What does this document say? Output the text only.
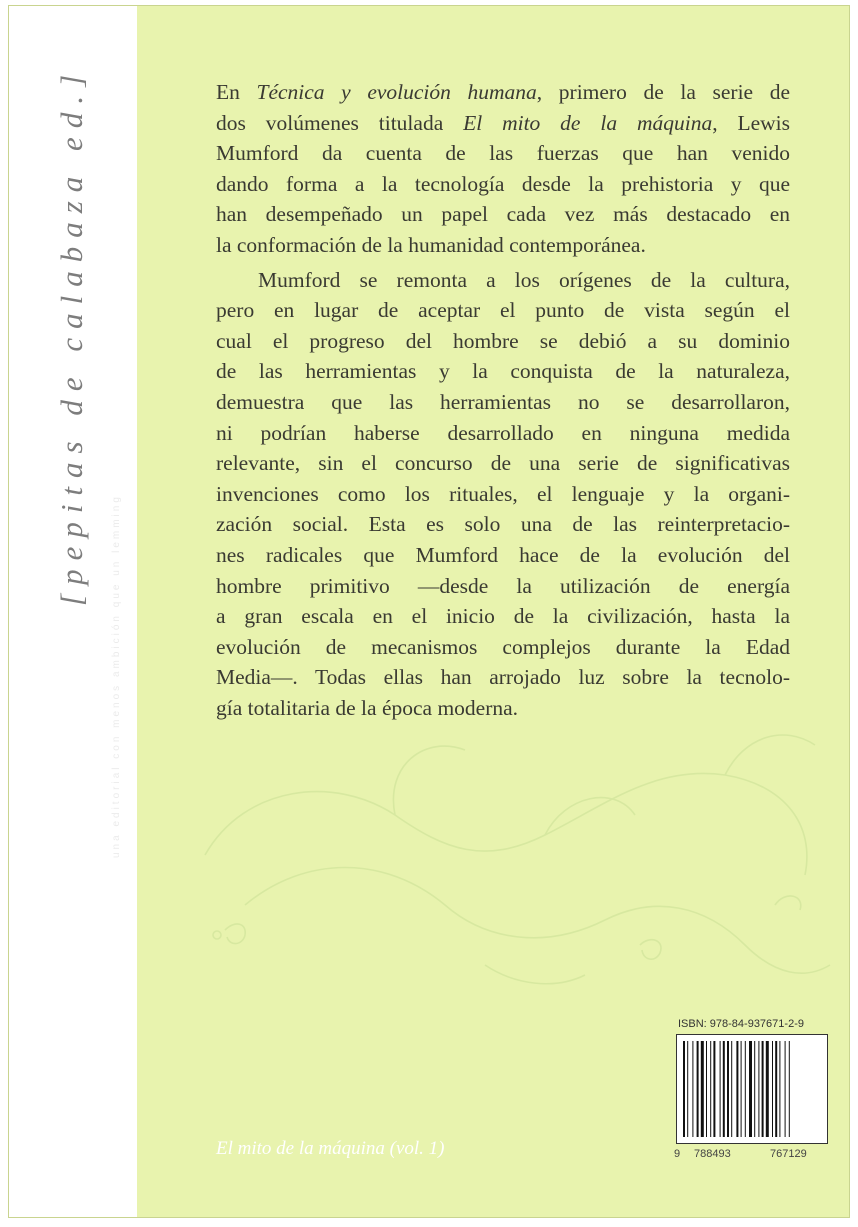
[pepitas de calabaza ed.]
una editorial con menos ambición que un lemming

En Técnica y evolución humana, primero de la serie de
dos volúmenes titulada El mito de la máquina, Lewis
Mumford da cuenta de las fuerzas que han venido
dando forma a la tecnología desde la prehistoria y que
han desempeñado un papel cada vez más destacado en
la conformación de la humanidad contemporánea.

Mumford se remonta a los orígenes de la cultura,
pero en lugar de aceptar el punto de vista según el
cual el progreso del hombre se debió a su dominio
de las herramientas y la conquista de la naturaleza,
demuestra que las herramientas no se desarrollaron,
ni podrían haberse desarrollado en ninguna medida
relevante, sin el concurso de una serie de significativas
invenciones como los rituales, el lenguaje y la organi-
zación social. Esta es solo una de las reinterpretacio-
nes radicales que Mumford hace de la evolución del
hombre primitivo —desde la utilización de energía
a gran escala en el inicio de la civilización, hasta la
evolución de mecanismos complejos durante la Edad
Media—. Todas ellas han arrojado luz sobre la tecnolo-
gía totalitaria de la época moderna.

ISBN: 978-84-937671-2-9
9 788493	767129
El mito de la máquina (vol. 1)
